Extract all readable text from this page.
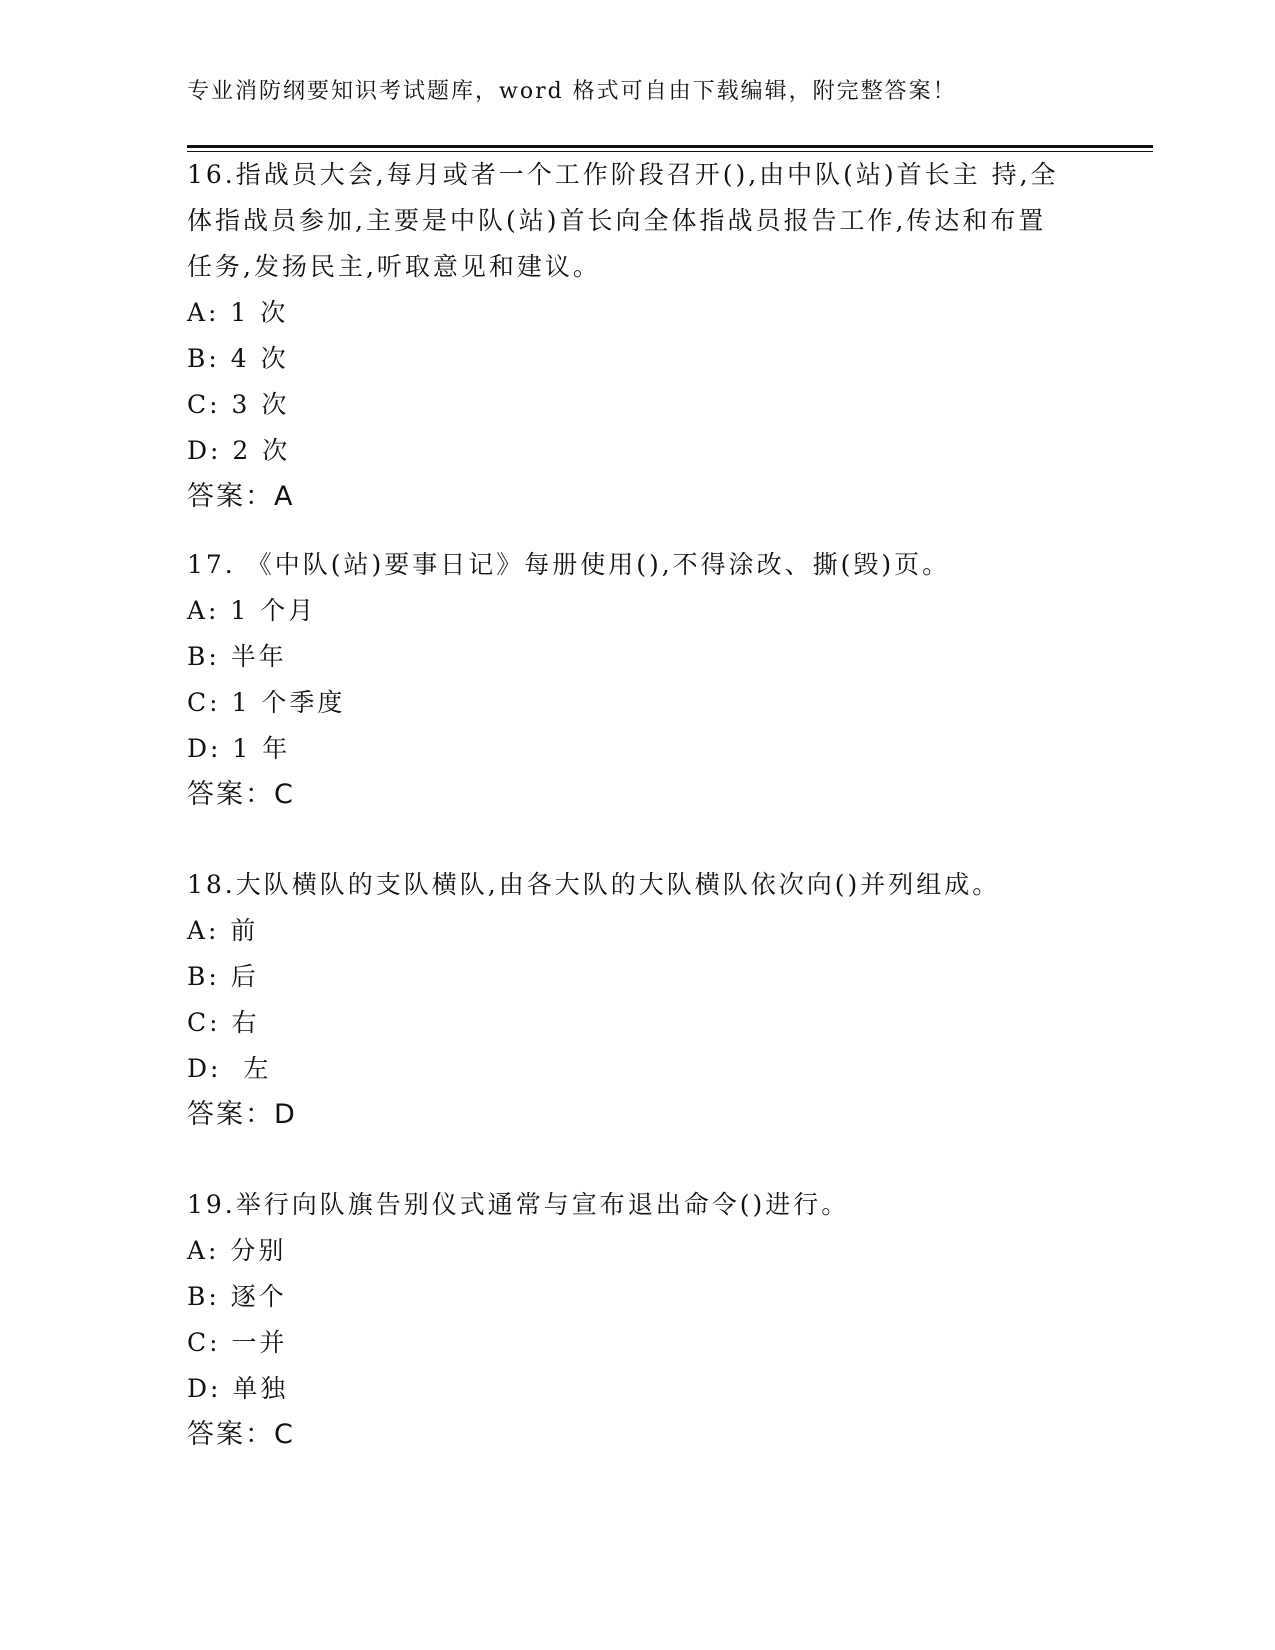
专业消防纲要知识考试题库，word 格式可自由下载编辑，附完整答案！

16.指战员大会,每月或者一个工作阶段召开(),由中队(站)首长主 持,全体指战员参加,主要是中队(站)首长向全体指战员报告工作,传达和布置任务,发扬民主,听取意见和建议。

A: 1 次

B: 4 次

C: 3 次

D: 2 次

答案：A

17. 《中队(站)要事日记》每册使用(),不得涂改、撕(毁)页。

A: 1 个月

B: 半年

C: 1 个季度

D: 1 年

答案：C

18.大队横队的支队横队,由各大队的大队横队依次向()并列组成。

A: 前

B: 后

C: 右

D:  左

答案：D

19.举行向队旗告别仪式通常与宣布退出命令()进行。

A: 分别

B: 逐个

C: 一并

D: 单独

答案：C
